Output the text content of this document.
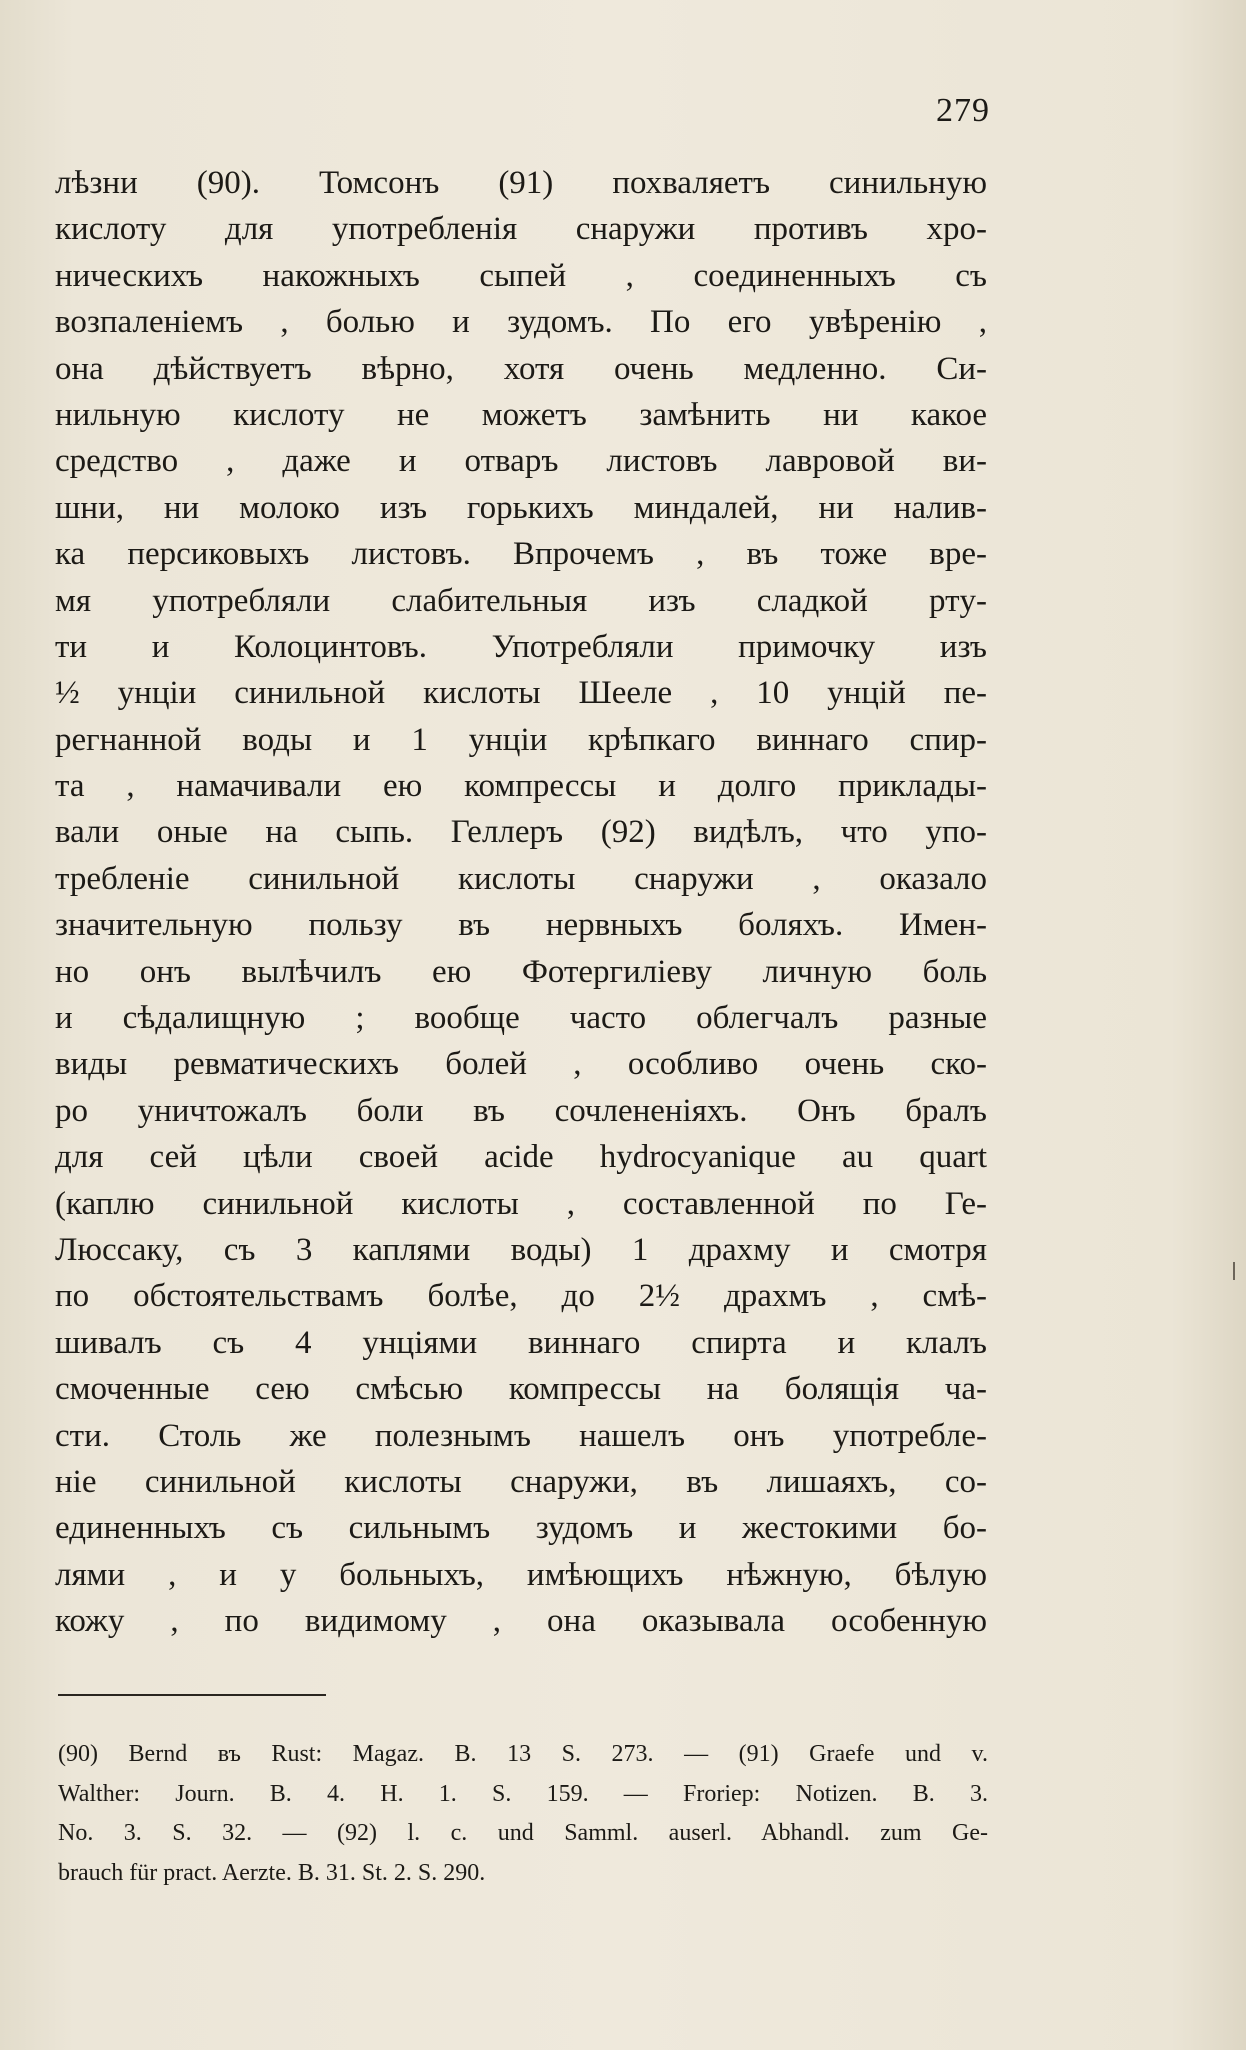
279
лѣзни (90). Томсонъ (91) похваляетъ синильную
кислоту для употребленія снаружи противъ хро-
ническихъ накожныхъ сыпей , соединенныхъ съ
возпаленіемъ , болью и зудомъ. По его увѣренію ,
она дѣйствуетъ вѣрно, хотя очень медленно. Си-
нильную кислоту не можетъ замѣнить ни какое
средство , даже и отваръ листовъ лавровой ви-
шни, ни молоко изъ горькихъ миндалей, ни налив-
ка персиковыхъ листовъ. Впрочемъ , въ тоже вре-
мя употребляли слабительныя изъ сладкой ртy-
ти и Колоцинтовъ. Употребляли примочку изъ
½ унціи синильной кислоты Шееле , 10 унцій пе-
регнанной воды и 1 унціи крѣпкаго виннаго спир-
та , намачивали ею компрессы и долго приклады-
вали оные на сыпь. Геллеръ (92) видѣлъ, что упо-
требленіе синильной кислоты снаружи , оказало
значительную пользу въ нервныхъ боляхъ. Имен-
но онъ вылѣчилъ ею Фотергиліеву личную боль
и сѣдалищную ; вообще часто облегчалъ разные
виды ревматическихъ болей , особливо очень ско-
ро уничтожалъ боли въ сочлененіяхъ. Онъ бралъ
для сей цѣли своей acide hydrocyanique au quart
(каплю синильной кислоты , составленной по Ге-
Люссаку, съ 3 каплями воды) 1 драхму и смотря
по обстоятельствамъ болѣе, до 2½ драхмъ , смѣ-
шивалъ съ 4 унціями виннаго спирта и клалъ
смоченные сею смѣсью компрессы на болящія ча-
сти. Столь же полезнымъ нашелъ онъ употребле-
ніе синильной кислоты снаружи, въ лишаяхъ, со-
единенныхъ съ сильнымъ зудомъ и жестокими бо-
лями , и у больныхъ, имѣющихъ нѣжную, бѣлую
кожу , по видимому , она оказывала особенную
(90) Bernd въ Rust: Magaz. B. 13 S. 273. — (91) Graefe und v.
Walther: Journ. B. 4. H. 1. S. 159. — Froriep: Notizen. B. 3.
No. 3. S. 32. — (92) l. c. und Samml. auserl. Abhandl. zum Ge-
brauch für pract. Aerzte. B. 31. St. 2. S. 290.
